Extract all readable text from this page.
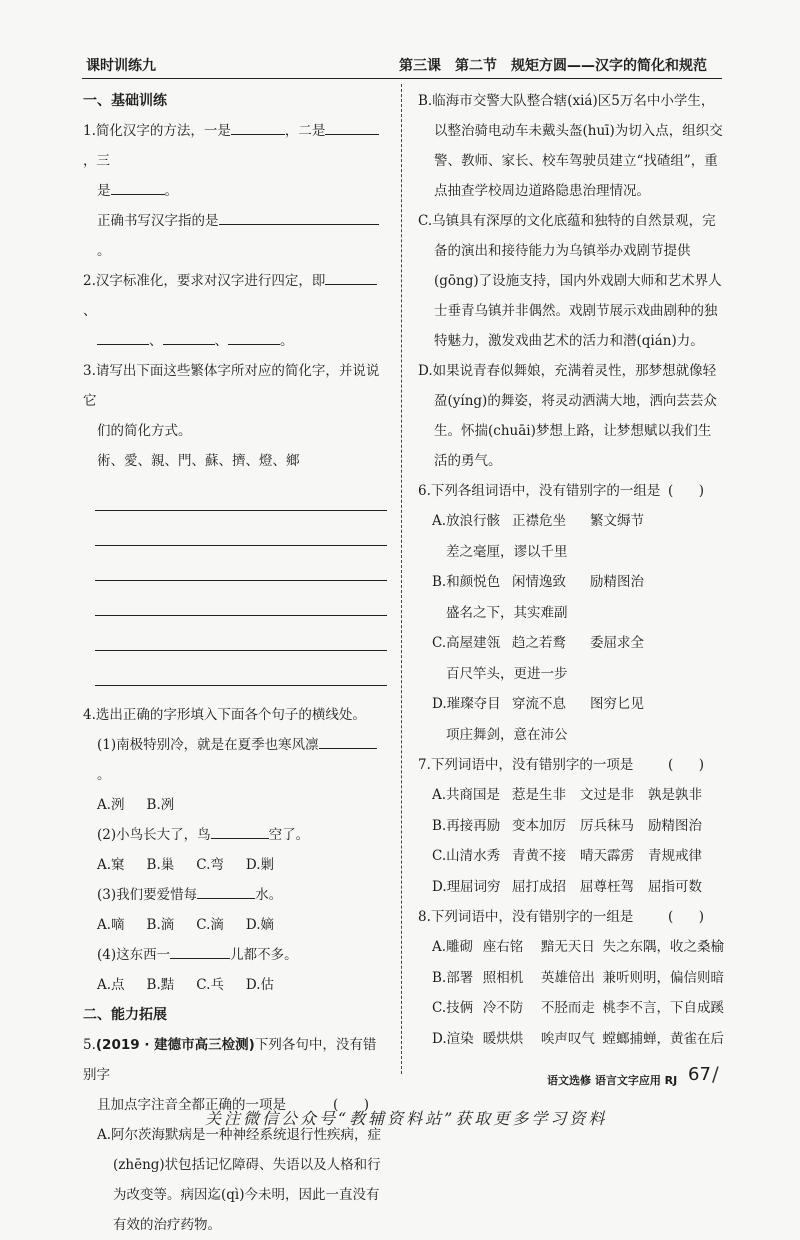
课时训练九	第三课　第二节　规矩方圆——汉字的简化和规范

一、基础训练

1.简化汉字的方法，一是	，二是，三

是	。

正确书写汉字指的是。

2.汉字标准化，要求对汉字进行四定，即、

、	、	。

3.请写出下面这些繁体字所对应的简化字，并说说它

们的简化方式。

術、愛、親、門、蘇、擠、燈、鄉

4.选出正确的字形填入下面各个句子的横线处。

(1)南极特别冷，就是在夏季也寒风凛。

A.洌 B.冽

(2)小鸟长大了，鸟	空了。

A.窠 B.巢 C.弯 D.剿

(3)我们要爱惜每	水。

A.嘀 B.滴 C.滴 D.嫡

(4)这东西一	儿都不多。

A.点 B.黠 C.乓 D.估

二、能力拓展

5.(2019 · 建德市高三检测)下列各句中，没有错别字

且加点字注音全都正确的一项是	(　)

A.阿尔茨海默病是一种神经系统退行性疾病，症(zhēng)状包括记忆障碍、失语以及人格和行为改变等。病因迄(qì)今未明，因此一直没有有效的治疗药物。

B.临海市交警大队整合辖(xiá)区5万名中小学生，以整治骑电动车未戴头盔(huī)为切入点，组织交警、教师、家长、校车驾驶员建立“找碴组”，重点抽查学校周边道路隐患治理情况。

C.乌镇具有深厚的文化底蕴和独特的自然景观，完备的演出和接待能力为乌镇举办戏剧节提供(gōng)了设施支持，国内外戏剧大师和艺术界人士垂青乌镇并非偶然。戏剧节展示戏曲剧种的独特魅力，激发戏曲艺术的活力和潜(qián)力。

D.如果说青春似舞娘，充满着灵性，那梦想就像轻盈(yíng)的舞姿，将灵动洒满大地，洒向芸芸众生。怀揣(chuāi)梦想上路，让梦想赋以我们生活的勇气。

6.下列各组词语中，没有错别字的一组是 (　)

A.放浪行骸 正襟危坐	繁文缛节
差之毫厘，谬以千里
B.和颜悦色 闲情逸致	励精图治
盛名之下，其实难副
C.高屋建瓴 趋之若鹜	委屈求全
百尺竿头，更进一步
D.璀璨夺目 穿流不息	图穷匕见
项庄舞剑，意在沛公

7.下列词语中，没有错别字的一项是	(　)

A.共商国是 惹是生非	文过是非	孰是孰非
B.再接再励 变本加厉	厉兵秣马	励精图治
C.山清水秀 青黄不接	晴天霹雳	青规戒律
D.理屈词穷 屈打成招	屈尊枉驾	屈指可数

8.下列词语中，没有错别字的一组是	(　)

A.雕砌 座右铭	黯无天日 失之东隅，收之桑榆
B.部署 照相机	英雄倍出 兼听则明，偏信则暗
C.技俩 冷不防	不胫而走 桃李不言，下自成蹊
D.渲染 暖烘烘	唉声叹气 螳螂捕蝉，黄雀在后
语文选修 语言文字应用 RJ 67 /
关注微信公众号“教辅资料站”获取更多学习资料
